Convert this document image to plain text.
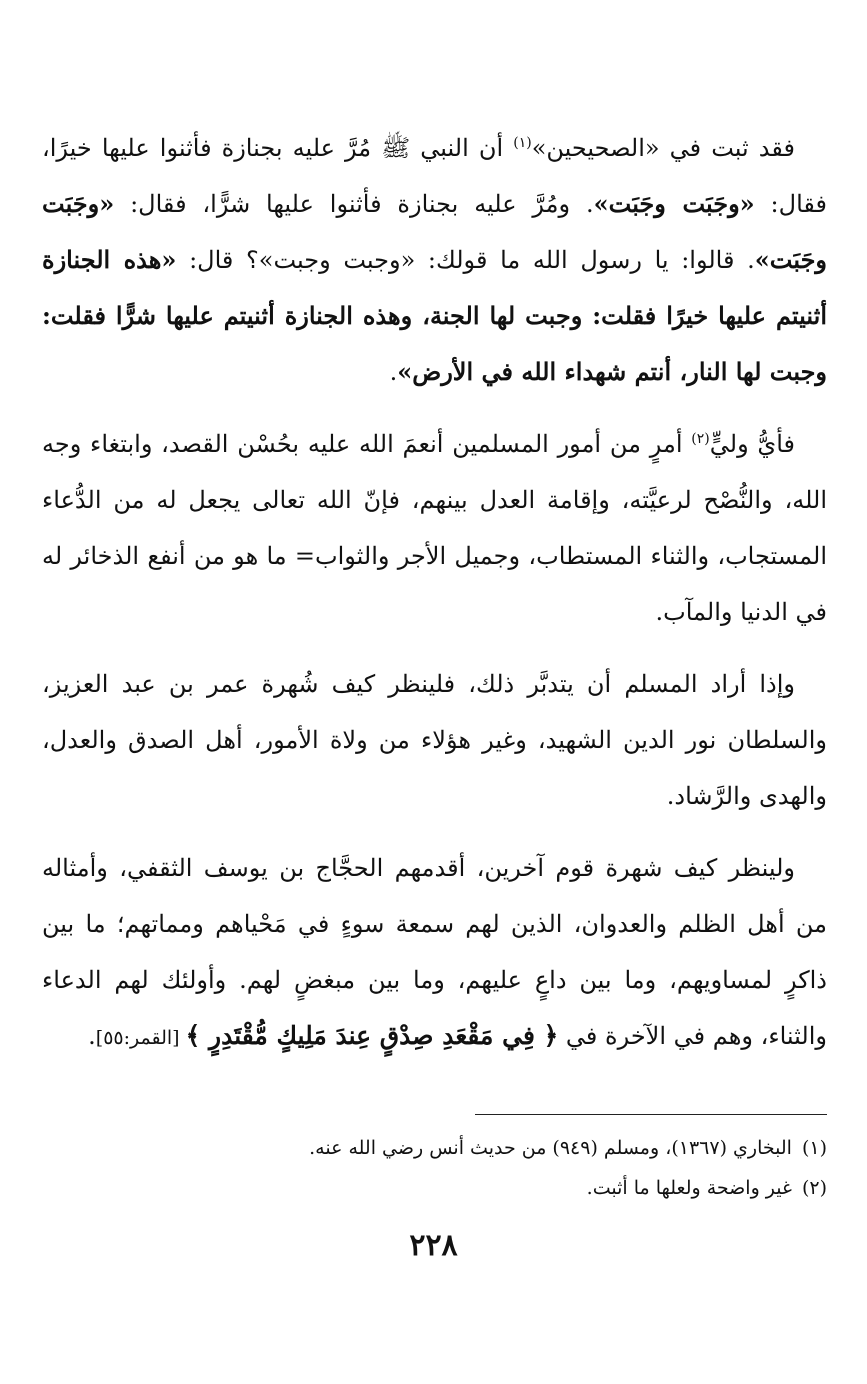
فقد ثبت في «الصحيحين»$^{(١)}$ أن النبي ﷺ مُرَّ عليه بجنازة فأثنوا عليها خيرًا، فقال: «وجَبَت وجَبَت». ومُرَّ عليه بجنازة فأثنوا عليها شرًّا، فقال: «وجَبَت وجَبَت». قالوا: يا رسول الله ما قولك: «وجبت وجبت»؟ قال: «هذه الجنازة أثنيتم عليها خيرًا فقلت: وجبت لها الجنة، وهذه الجنازة أثنيتم عليها شرًّا فقلت: وجبت لها النار، أنتم شهداء الله في الأرض».

فأيُّ وليٍّ$^{(٢)}$ أمرٍ من أمور المسلمين أنعمَ الله عليه بحُسْن القصد، وابتغاء وجه الله، والنُّصْح لرعيَّته، وإقامة العدل بينهم، فإنّ الله تعالى يجعل له من الدُّعاء المستجاب، والثناء المستطاب، وجميل الأجر والثواب= ما هو من أنفع الذخائر له في الدنيا والمآب.

وإذا أراد المسلم أن يتدبَّر ذلك، فلينظر كيف شُهرة عمر بن عبد العزيز، والسلطان نور الدين الشهيد، وغير هؤلاء من ولاة الأمور، أهل الصدق والعدل، والهدى والرَّشاد.

ولينظر كيف شهرة قوم آخرين، أقدمهم الحجَّاج بن يوسف الثقفي، وأمثاله من أهل الظلم والعدوان، الذين لهم سمعة سوءٍ في مَحْياهم ومماتهم؛ ما بين ذاكرٍ لمساويهم، وما بين داعٍ عليهم، وما بين مبغضٍ لهم. وأولئك لهم الدعاء والثناء، وهم في الآخرة في ﴿ فِي مَقْعَدِ صِدْقٍ عِندَ مَلِيكٍ مُّقْتَدِرٍ ﴾ [القمر:٥٥].

(١)البخاري (١٣٦٧)، ومسلم (٩٤٩) من حديث أنس رضي الله عنه.
(٢)غير واضحة ولعلها ما أثبت.
٢٢٨
